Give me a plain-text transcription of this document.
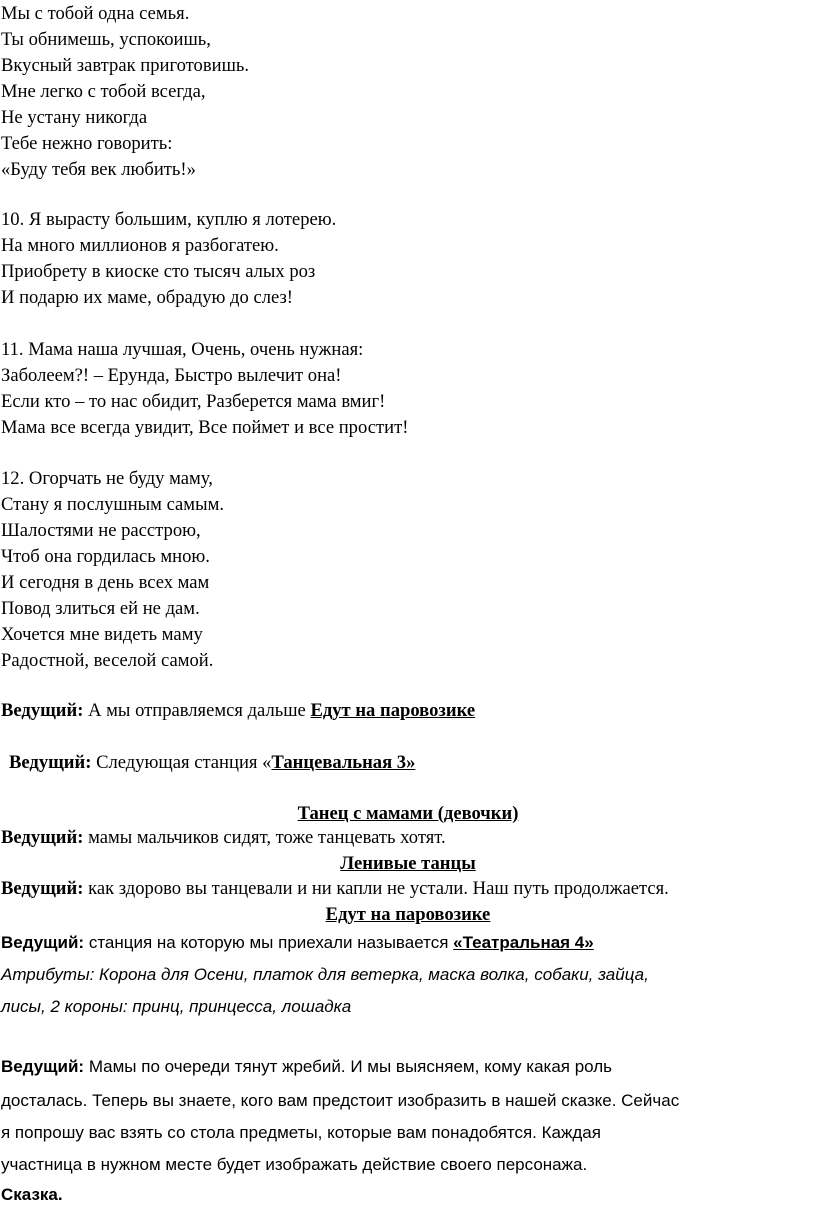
Мы с тобой одна семья.
Ты обнимешь, успокоишь,
Вкусный завтрак приготовишь.
Мне легко с тобой всегда,
Не устану никогда
Тебе нежно говорить:
«Буду тебя век любить!»
10. Я вырасту большим, куплю я лотерею.
На много миллионов я разбогатею.
Приобрету в киоске сто тысяч алых роз
И подарю их маме, обрадую до слез!
11. Мама наша лучшая, Очень, очень нужная:
Заболеем?! – Ерунда, Быстро вылечит она!
Если кто – то нас обидит, Разберется мама вмиг!
Мама все всегда увидит, Все поймет и все простит!
12. Огорчать не буду маму,
Стану я послушным самым.
Шалостями не расстрою,
Чтоб она гордилась мною.
И сегодня в день всех мам
Повод злиться ей не дам.
Хочется мне видеть маму
Радостной, веселой самой.
Ведущий: А мы отправляемся дальше Едут на паровозике
Ведущий: Следующая станция «Танцевальная 3»
Танец с мамами (девочки)
Ведущий: мамы мальчиков сидят, тоже танцевать хотят.
Ленивые танцы
Ведущий: как здорово вы танцевали и ни капли не устали. Наш путь продолжается.
Едут на паровозике
Ведущий: станция на которую мы приехали называется «Театральная 4»
Атрибуты: Корона для Осени, платок для ветерка, маска волка, собаки, зайца,
лисы, 2 короны: принц, принцесса, лошадка
Ведущий: Мамы по очереди тянут жребий. И мы выясняем, кому какая роль
досталась. Теперь вы знаете, кого вам предстоит изобразить в нашей сказке. Сейчас
я попрошу вас взять со стола предметы, которые вам понадобятся. Каждая
участница в нужном месте будет изображать действие своего персонажа.
Сказка.
